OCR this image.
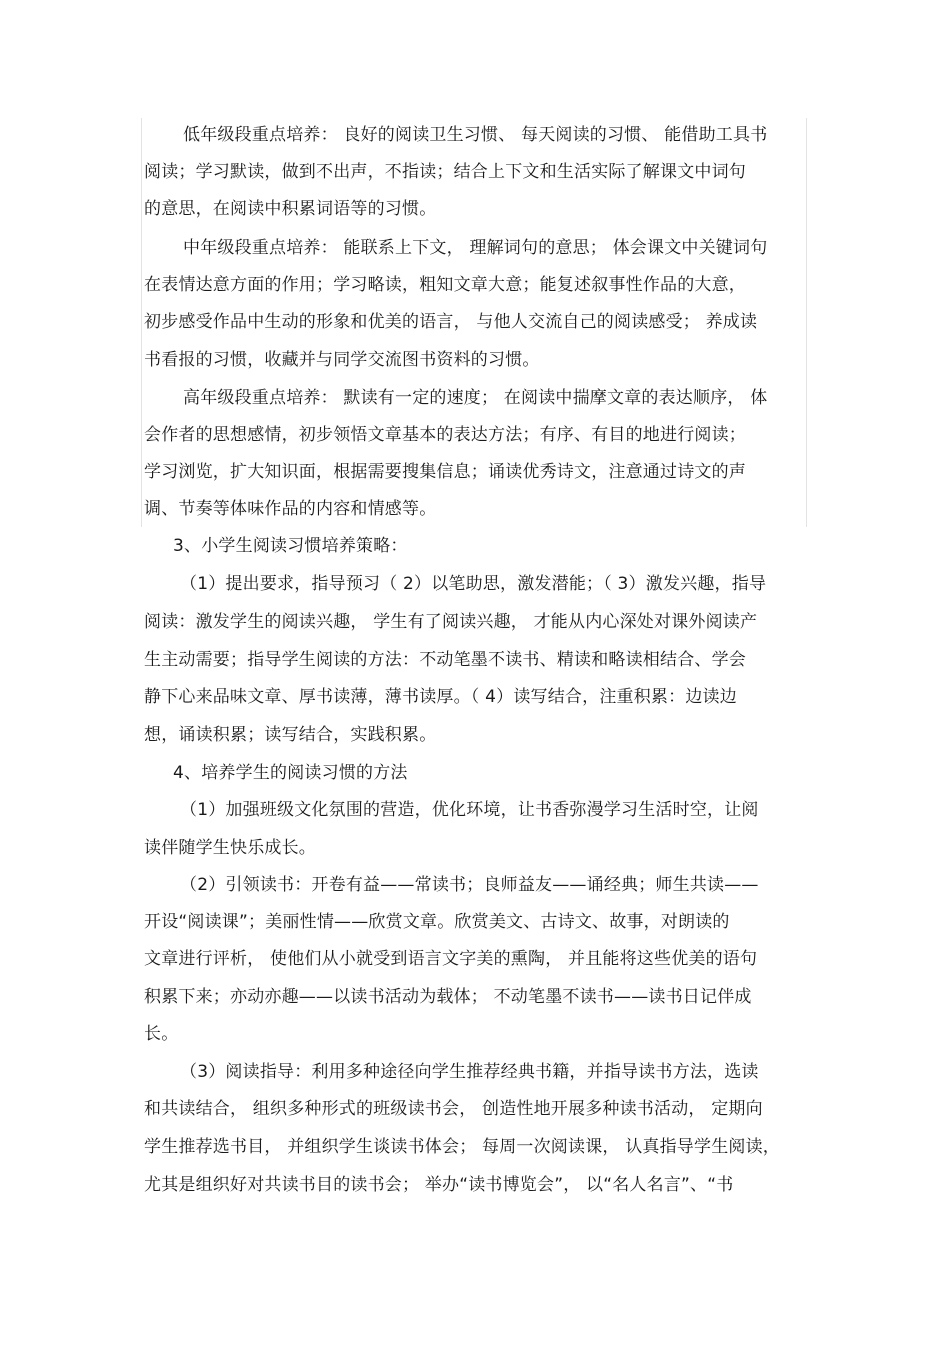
低年级段重点培养： 良好的阅读卫生习惯、 每天阅读的习惯、 能借助工具书
阅读；学习默读，做到不出声，不指读；结合上下文和生活实际了解课文中词句
的意思，在阅读中积累词语等的习惯。
中年级段重点培养： 能联系上下文， 理解词句的意思； 体会课文中关键词句
在表情达意方面的作用；学习略读，粗知文章大意；能复述叙事性作品的大意，
初步感受作品中生动的形象和优美的语言， 与他人交流自己的阅读感受； 养成读
书看报的习惯，收藏并与同学交流图书资料的习惯。
高年级段重点培养： 默读有一定的速度； 在阅读中揣摩文章的表达顺序， 体
会作者的思想感情，初步领悟文章基本的表达方法；有序、有目的地进行阅读；
学习浏览，扩大知识面，根据需要搜集信息；诵读优秀诗文，注意通过诗文的声
调、节奏等体味作品的内容和情感等。
3、小学生阅读习惯培养策略：
（1）提出要求，指导预习（ 2）以笔助思，激发潜能；（ 3）激发兴趣，指导
阅读：激发学生的阅读兴趣， 学生有了阅读兴趣， 才能从内心深处对课外阅读产
生主动需要；指导学生阅读的方法：不动笔墨不读书、精读和略读相结合、学会
静下心来品味文章、厚书读薄，薄书读厚。（ 4）读写结合，注重积累：边读边
想，诵读积累；读写结合，实践积累。
4、培养学生的阅读习惯的方法
（1）加强班级文化氛围的营造，优化环境，让书香弥漫学习生活时空，让阅
读伴随学生快乐成长。
（2）引领读书：开卷有益——常读书；良师益友——诵经典；师生共读——
开设“阅读课”；美丽性情——欣赏文章。欣赏美文、古诗文、故事，对朗读的
文章进行评析， 使他们从小就受到语言文字美的熏陶， 并且能将这些优美的语句
积累下来；亦动亦趣——以读书活动为载体； 不动笔墨不读书——读书日记伴成
长。
（3）阅读指导：利用多种途径向学生推荐经典书籍，并指导读书方法，选读
和共读结合， 组织多种形式的班级读书会， 创造性地开展多种读书活动， 定期向
学生推荐选书目， 并组织学生谈读书体会； 每周一次阅读课， 认真指导学生阅读，
尤其是组织好对共读书目的读书会； 举办“读书博览会”， 以“名人名言”、“书
